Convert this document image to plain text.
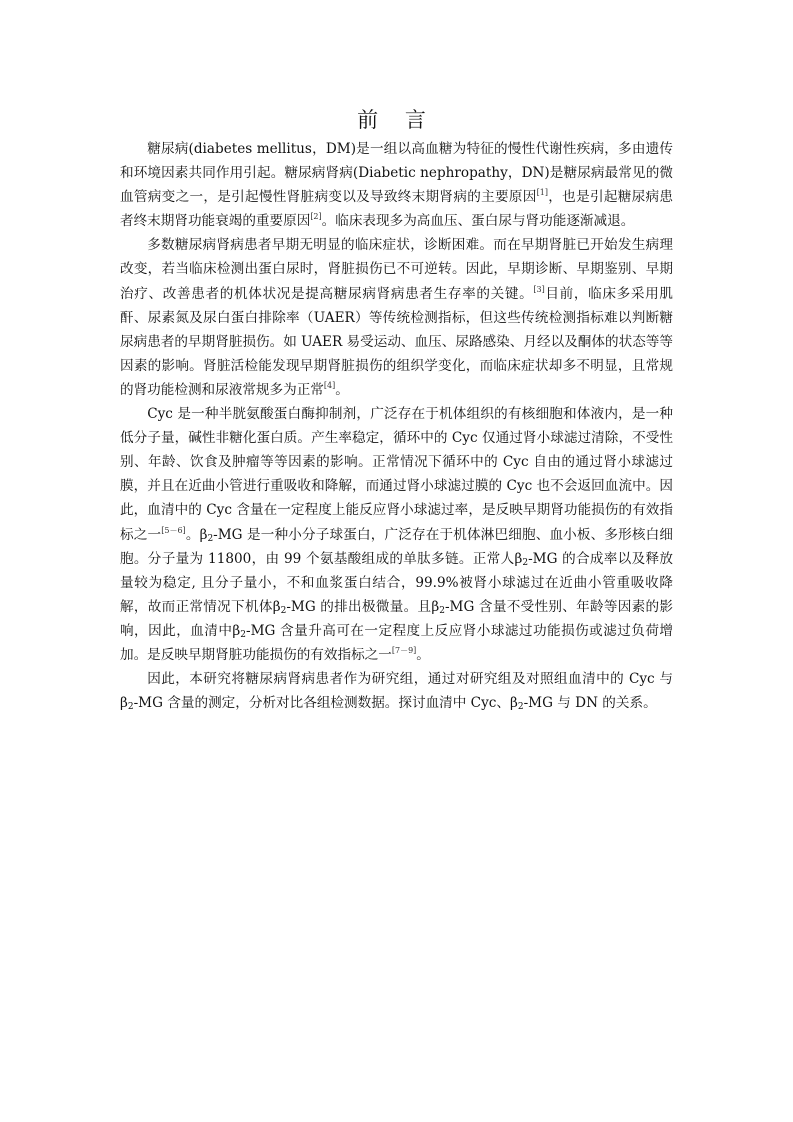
前 言

糖尿病(diabetes mellitus，DM)是一组以高血糖为特征的慢性代谢性疾病，多由遗传和环境因素共同作用引起。糖尿病肾病(Diabetic nephropathy，DN)是糖尿病最常见的微血管病变之一，是引起慢性肾脏病变以及导致终末期肾病的主要原因[1]，也是引起糖尿病患者终末期肾功能衰竭的重要原因[2]。临床表现多为高血压、蛋白尿与肾功能逐渐减退。

多数糖尿病肾病患者早期无明显的临床症状，诊断困难。而在早期肾脏已开始发生病理改变，若当临床检测出蛋白尿时，肾脏损伤已不可逆转。因此，早期诊断、早期鉴别、早期治疗、改善患者的机体状况是提高糖尿病肾病患者生存率的关键。[3]目前，临床多采用肌酐、尿素氮及尿白蛋白排除率（UAER）等传统检测指标，但这些传统检测指标难以判断糖尿病患者的早期肾脏损伤。如 UAER 易受运动、血压、尿路感染、月经以及酮体的状态等等因素的影响。肾脏活检能发现早期肾脏损伤的组织学变化，而临床症状却多不明显，且常规的肾功能检测和尿液常规多为正常[4]。

Cyc 是一种半胱氨酸蛋白酶抑制剂，广泛存在于机体组织的有核细胞和体液内，是一种低分子量，碱性非糖化蛋白质。产生率稳定，循环中的 Cyc 仅通过肾小球滤过清除，不受性别、年龄、饮食及肿瘤等等因素的影响。正常情况下循环中的 Cyc 自由的通过肾小球滤过膜，并且在近曲小管进行重吸收和降解，而通过肾小球滤过膜的 Cyc 也不会返回血流中。因此，血清中的 Cyc 含量在一定程度上能反应肾小球滤过率，是反映早期肾功能损伤的有效指标之一[5－6]。$\beta_2-MG$ 是一种小分子球蛋白，广泛存在于机体淋巴细胞、血小板、多形核白细胞。分子量为 11800，由 99 个氨基酸组成的单肽多链。正常人$\beta_2-MG$ 的合成率以及释放量较为稳定, 且分子量小，不和血浆蛋白结合，99.9%被肾小球滤过在近曲小管重吸收降解，故而正常情况下机体$\beta_2-MG$ 的排出极微量。且$\beta_2-MG$ 含量不受性别、年龄等因素的影响，因此，血清中$\beta_2-MG$ 含量升高可在一定程度上反应肾小球滤过功能损伤或滤过负荷增加。是反映早期肾脏功能损伤的有效指标之一[7－9]。

因此，本研究将糖尿病肾病患者作为研究组，通过对研究组及对照组血清中的 Cyc 与$\beta_2-MG$ 含量的测定，分析对比各组检测数据。探讨血清中 Cyc、$\beta_2-MG$ 与 DN 的关系。
